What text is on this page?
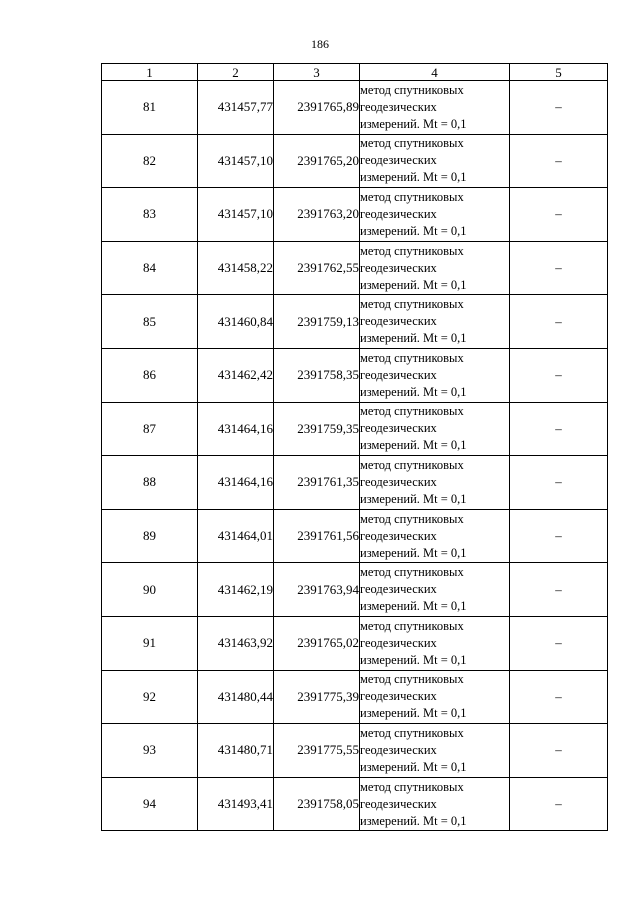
186
1	2	3	4	5
81	431457,77	2391765,89	метод спутниковых
геодезических
измерений. Mt = 0,1	–
82	431457,10	2391765,20	метод спутниковых
геодезических
измерений. Mt = 0,1	–
83	431457,10	2391763,20	метод спутниковых
геодезических
измерений. Mt = 0,1	–
84	431458,22	2391762,55	метод спутниковых
геодезических
измерений. Mt = 0,1	–
85	431460,84	2391759,13	метод спутниковых
геодезических
измерений. Mt = 0,1	–
86	431462,42	2391758,35	метод спутниковых
геодезических
измерений. Mt = 0,1	–
87	431464,16	2391759,35	метод спутниковых
геодезических
измерений. Mt = 0,1	–
88	431464,16	2391761,35	метод спутниковых
геодезических
измерений. Mt = 0,1	–
89	431464,01	2391761,56	метод спутниковых
геодезических
измерений. Mt = 0,1	–
90	431462,19	2391763,94	метод спутниковых
геодезических
измерений. Mt = 0,1	–
91	431463,92	2391765,02	метод спутниковых
геодезических
измерений. Mt = 0,1	–
92	431480,44	2391775,39	метод спутниковых
геодезических
измерений. Mt = 0,1	–
93	431480,71	2391775,55	метод спутниковых
геодезических
измерений. Mt = 0,1	–
94	431493,41	2391758,05	метод спутниковых
геодезических
измерений. Mt = 0,1	–
